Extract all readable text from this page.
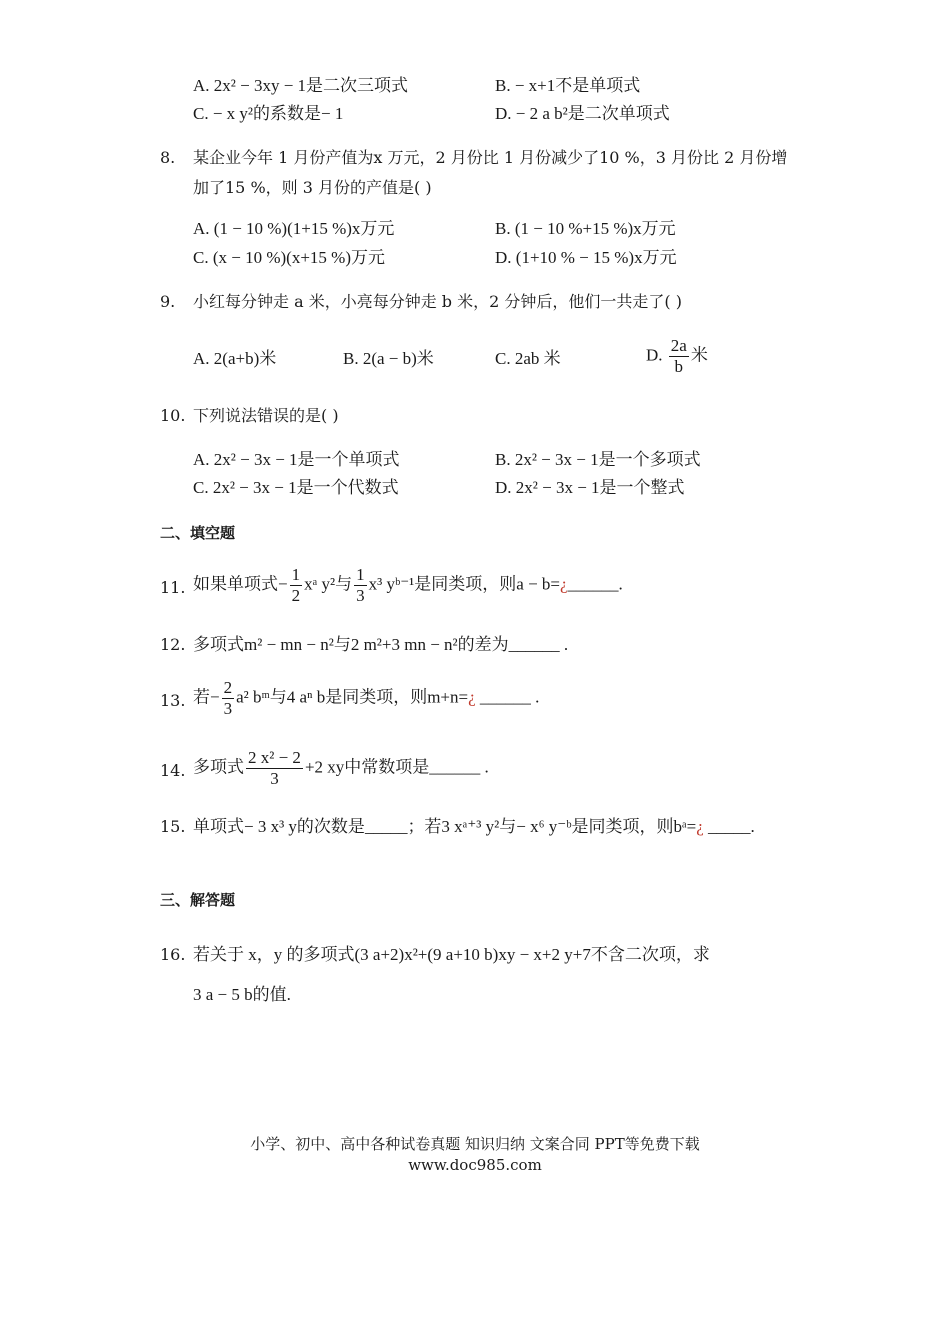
A. 2x² − 3xy − 1是二次三项式	B. − x+1不是单项式
C. − x y²的系数是− 1	D. − 2 a b²是二次单项式
8. 某企业今年 1 月份产值为x 万元，2 月份比 1 月份减少了10 %，3 月份比 2 月份增
加了15 %，则 3 月份的产值是( )
A. (1 − 10 %)(1+15 %)x万元	B. (1 − 10 %+15 %)x万元
C. (x − 10 %)(x+15 %)万元	D. (1+10 % − 15 %)x万元
9. 小红每分钟走 a 米，小亮每分钟走 b 米，2 分钟后，他们一共走了( )
A. 2(a+b)米	B. 2(a − b)米	C. 2ab 米	D. $\frac{2a}{b}$ 米
10. 下列说法错误的是( )
A. 2x² − 3x − 1是一个单项式	B. 2x² − 3x − 1是一个多项式
C. 2x² − 3x − 1是一个代数式	D. 2x² − 3x − 1是一个整式
二、填空题
11. 如果单项式− $\frac{1}{2}$ xᵃ y²与 $\frac{1}{3} x^3$ yᵇ⁻¹是同类项，则a − b=¿______.
12. 多项式m² − mn − n²与2 m²+3 mn − n²的差为______ .
13. 若− $\frac{2}{3} a^2$ bᵐ与4 aⁿ b是同类项，则m+n=¿ ______ .
14. 多项式 $\frac{\text{2 x² − 2}}{3} +2$ xy中常数项是______ .
15. 单项式− 3 x³ y的次数是_____；若3 xᵃ⁺³ y²与− x⁶ y⁻ᵇ是同类项，则bᵃ=¿ _____.
三、解答题
16. 若关于 x，y 的多项式(3 a+2)x²+(9 a+10 b)xy − x+2 y+7不含二次项，求
3 a − 5 b的值.
小学、初中、高中各种试卷真题 知识归纳 文案合同 PPT等免费下载
www.doc985.com
